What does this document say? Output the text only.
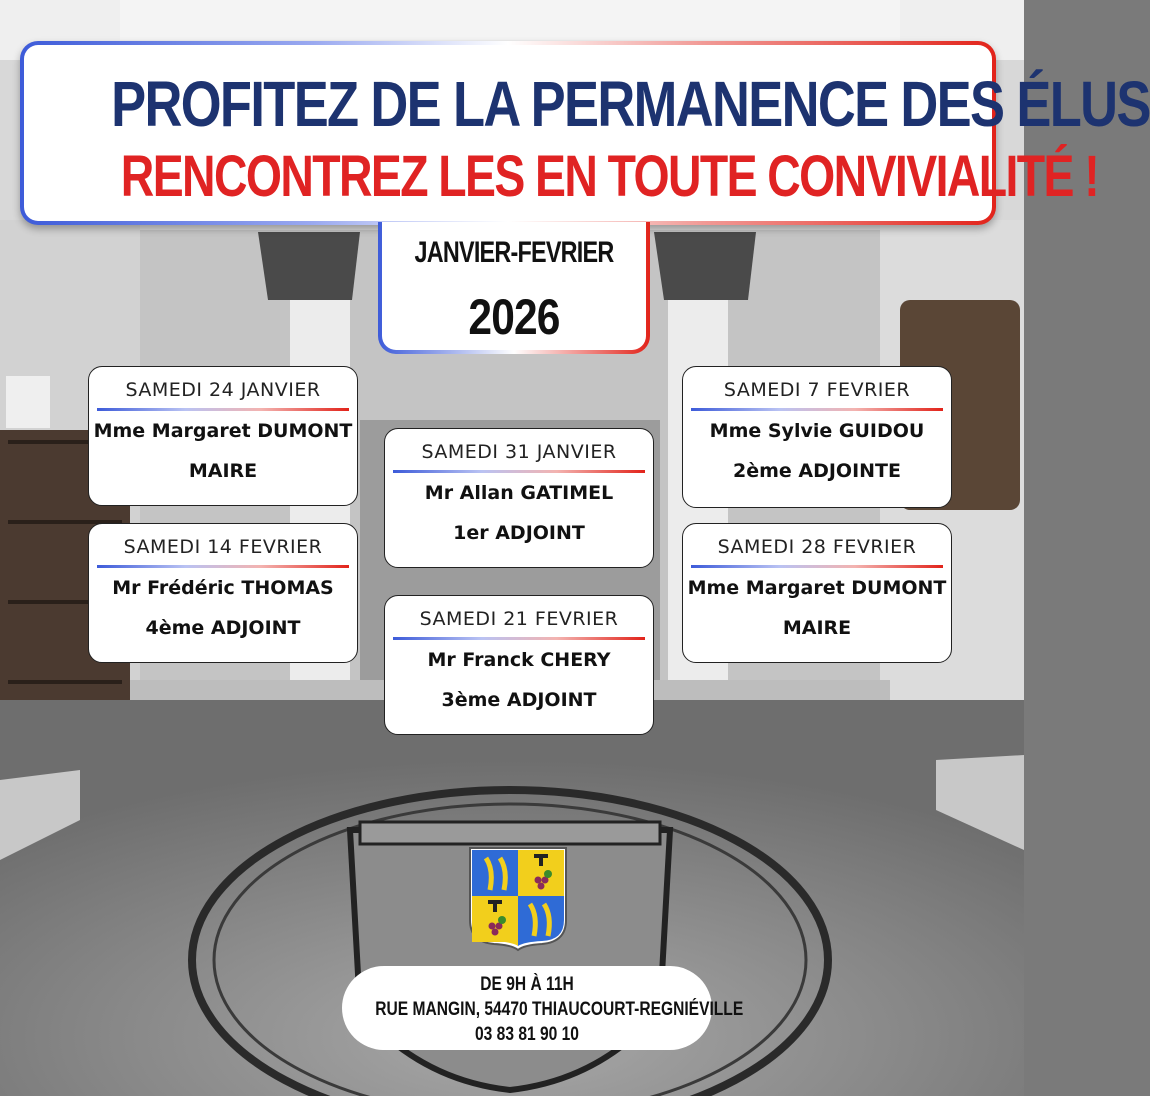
PROFITEZ DE LA PERMANENCE DES ÉLUS
RENCONTREZ LES EN TOUTE CONVIVIALITÉ !
JANVIER-FEVRIER
2026
SAMEDI 24 JANVIER
Mme Margaret DUMONT
MAIRE
SAMEDI 31 JANVIER
Mr Allan GATIMEL
1er ADJOINT
SAMEDI 7 FEVRIER
Mme Sylvie GUIDOU
2ème ADJOINTE
SAMEDI 14 FEVRIER
Mr Frédéric THOMAS
4ème ADJOINT	SAMEDI 21 FEVRIER
Mr Franck CHERY
3ème ADJOINT
SAMEDI 28 FEVRIER
Mme Margaret DUMONT
MAIRE
DE 9H À 11H
RUE MANGIN, 54470 THIAUCOURT-REGNIÉVILLE
03 83 81 90 10
